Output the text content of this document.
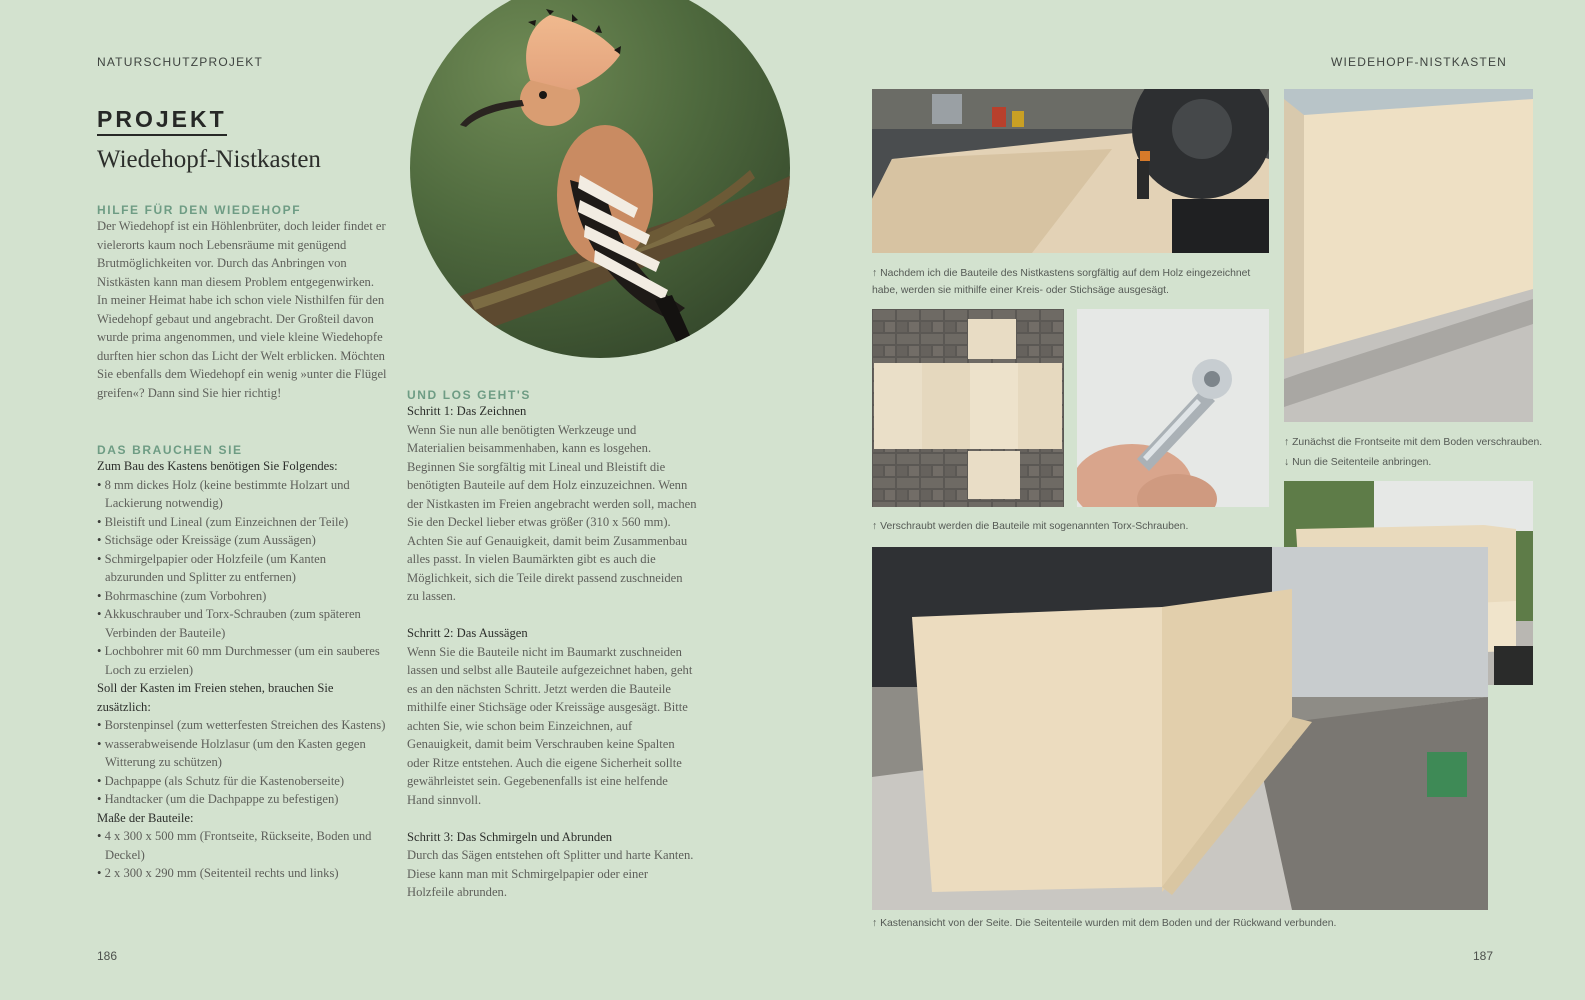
NATURSCHUTZPROJEKT	WIEDEHOPF-NISTKASTEN
186	187
PROJEKT
Wiedehopf-Nistkasten
HILFE FÜR DEN WIEDEHOPF
Der Wiedehopf ist ein Höhlenbrüter, doch leider findet er vielerorts kaum noch Lebensräume mit genügend Brutmöglichkeiten vor. Durch das Anbringen von Nistkästen kann man diesem Problem entgegenwirken. In meiner Heimat habe ich schon viele Nisthilfen für den Wiedehopf gebaut und angebracht. Der Großteil davon wurde prima angenommen, und viele kleine Wiedehopfe durften hier schon das Licht der Welt erblicken. Möchten Sie ebenfalls dem Wiedehopf ein wenig »unter die Flügel greifen«? Dann sind Sie hier richtig!
DAS BRAUCHEN SIE
Zum Bau des Kastens benötigen Sie Folgendes:
• 8 mm dickes Holz (keine bestimmte Holzart und Lackierung notwendig)
• Bleistift und Lineal (zum Einzeichnen der Teile)
• Stichsäge oder Kreissäge (zum Aussägen)
• Schmirgelpapier oder Holzfeile (um Kanten abzurunden und Splitter zu entfernen)
• Bohrmaschine (zum Vorbohren)
• Akkuschrauber und Torx-Schrauben (zum späteren Verbinden der Bauteile)
• Lochbohrer mit 60 mm Durchmesser (um ein sauberes Loch zu erzielen)
Soll der Kasten im Freien stehen, brauchen Sie zusätzlich:
• Borstenpinsel (zum wetterfesten Streichen des Kastens)
• wasserabweisende Holzlasur (um den Kasten gegen Witterung zu schützen)
• Dachpappe (als Schutz für die Kastenoberseite)
• Handtacker (um die Dachpappe zu befestigen)
Maße der Bauteile:
• 4 x 300 x 500 mm (Frontseite, Rückseite, Boden und Deckel)
• 2 x 300 x 290 mm (Seitenteil rechts und links)
UND LOS GEHT'S
Schritt 1: Das Zeichnen
Wenn Sie nun alle benötigten Werkzeuge und Materialien beisammenhaben, kann es losgehen. Beginnen Sie sorgfältig mit Lineal und Bleistift die benötigten Bauteile auf dem Holz einzuzeichnen. Wenn der Nistkasten im Freien angebracht werden soll, machen Sie den Deckel lieber etwas größer (310 x 560 mm). Achten Sie auf Genauigkeit, damit beim Zusammenbau alles passt. In vielen Baumärkten gibt es auch die Möglichkeit, sich die Teile direkt passend zuschneiden zu lassen.
Schritt 2: Das Aussägen
Wenn Sie die Bauteile nicht im Baumarkt zuschneiden lassen und selbst alle Bauteile aufgezeichnet haben, geht es an den nächsten Schritt. Jetzt werden die Bauteile mithilfe einer Stichsäge oder Kreissäge ausgesägt. Bitte achten Sie, wie schon beim Einzeichnen, auf Genauigkeit, damit beim Verschrauben keine Spalten oder Ritze entstehen. Auch die eigene Sicherheit sollte gewährleistet sein. Gegebenenfalls ist eine helfende Hand sinnvoll.
Schritt 3: Das Schmirgeln und Abrunden
Durch das Sägen entstehen oft Splitter und harte Kanten. Diese kann man mit Schmirgelpapier oder einer Holzfeile abrunden.
↑ Nachdem ich die Bauteile des Nistkastens sorgfältig auf dem Holz eingezeichnet habe, werden sie mithilfe einer Kreis- oder Stichsäge ausgesägt.
↑ Verschraubt werden die Bauteile mit sogenannten Torx-Schrauben.
↑ Zunächst die Frontseite mit dem Boden verschrauben.
↓ Nun die Seitenteile anbringen.
↑ Kastenansicht von der Seite. Die Seitenteile wurden mit dem Boden und der Rückwand verbunden.
